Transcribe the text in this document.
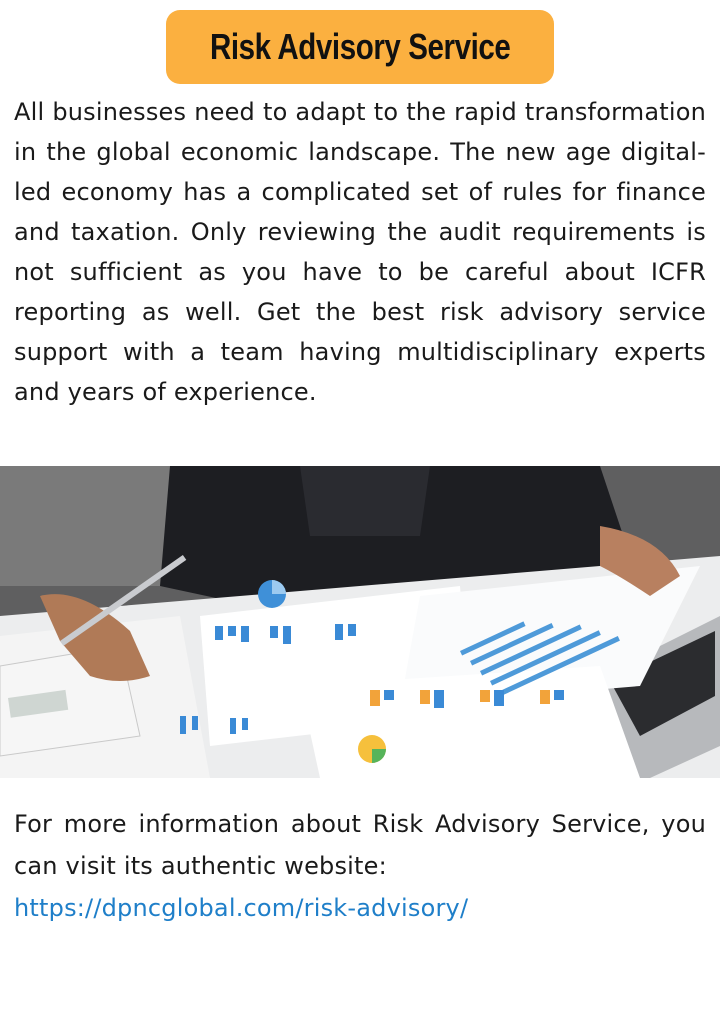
Risk Advisory Service

All businesses need to adapt to the rapid transformation in the global economic landscape. The new age digital-led economy has a complicated set of rules for finance and taxation. Only reviewing the audit requirements is not sufficient as you have to be careful about ICFR reporting as well. Get the best risk advisory service support with a team having multidisciplinary experts and years of experience.

For more information about Risk Advisory Service, you can visit its authentic website:
https://dpncglobal.com/risk-advisory/
